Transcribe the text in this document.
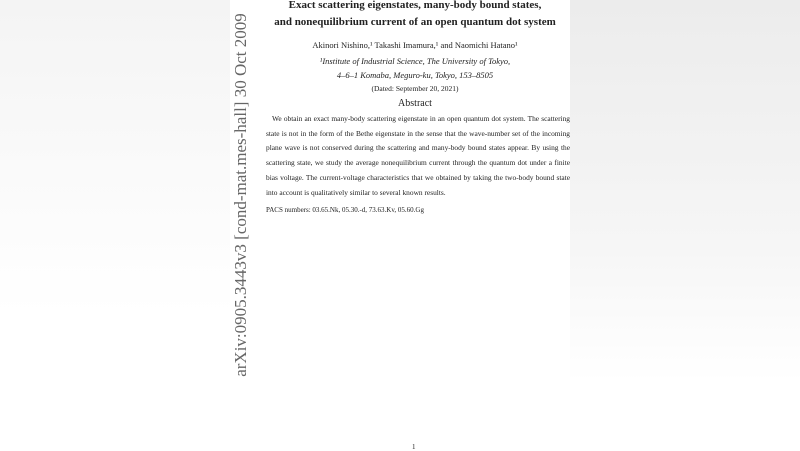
arXiv:0905.3443v3 [cond-mat.mes-hall] 30 Oct 2009
Exact scattering eigenstates, many-body bound states,
and nonequilibrium current of an open quantum dot system
Akinori Nishino,¹ Takashi Imamura,¹ and Naomichi Hatano¹
¹Institute of Industrial Science, The University of Tokyo,
4–6–1 Komaba, Meguro-ku, Tokyo, 153–8505
(Dated: September 20, 2021)
Abstract
We obtain an exact many-body scattering eigenstate in an open quantum dot system. The scattering state is not in the form of the Bethe eigenstate in the sense that the wave-number set of the incoming plane wave is not conserved during the scattering and many-body bound states appear. By using the scattering state, we study the average nonequilibrium current through the quantum dot under a finite bias voltage. The current-voltage characteristics that we obtained by taking the two-body bound state into account is qualitatively similar to several known results.
PACS numbers: 03.65.Nk, 05.30.-d, 73.63.Kv, 05.60.Gg
1
